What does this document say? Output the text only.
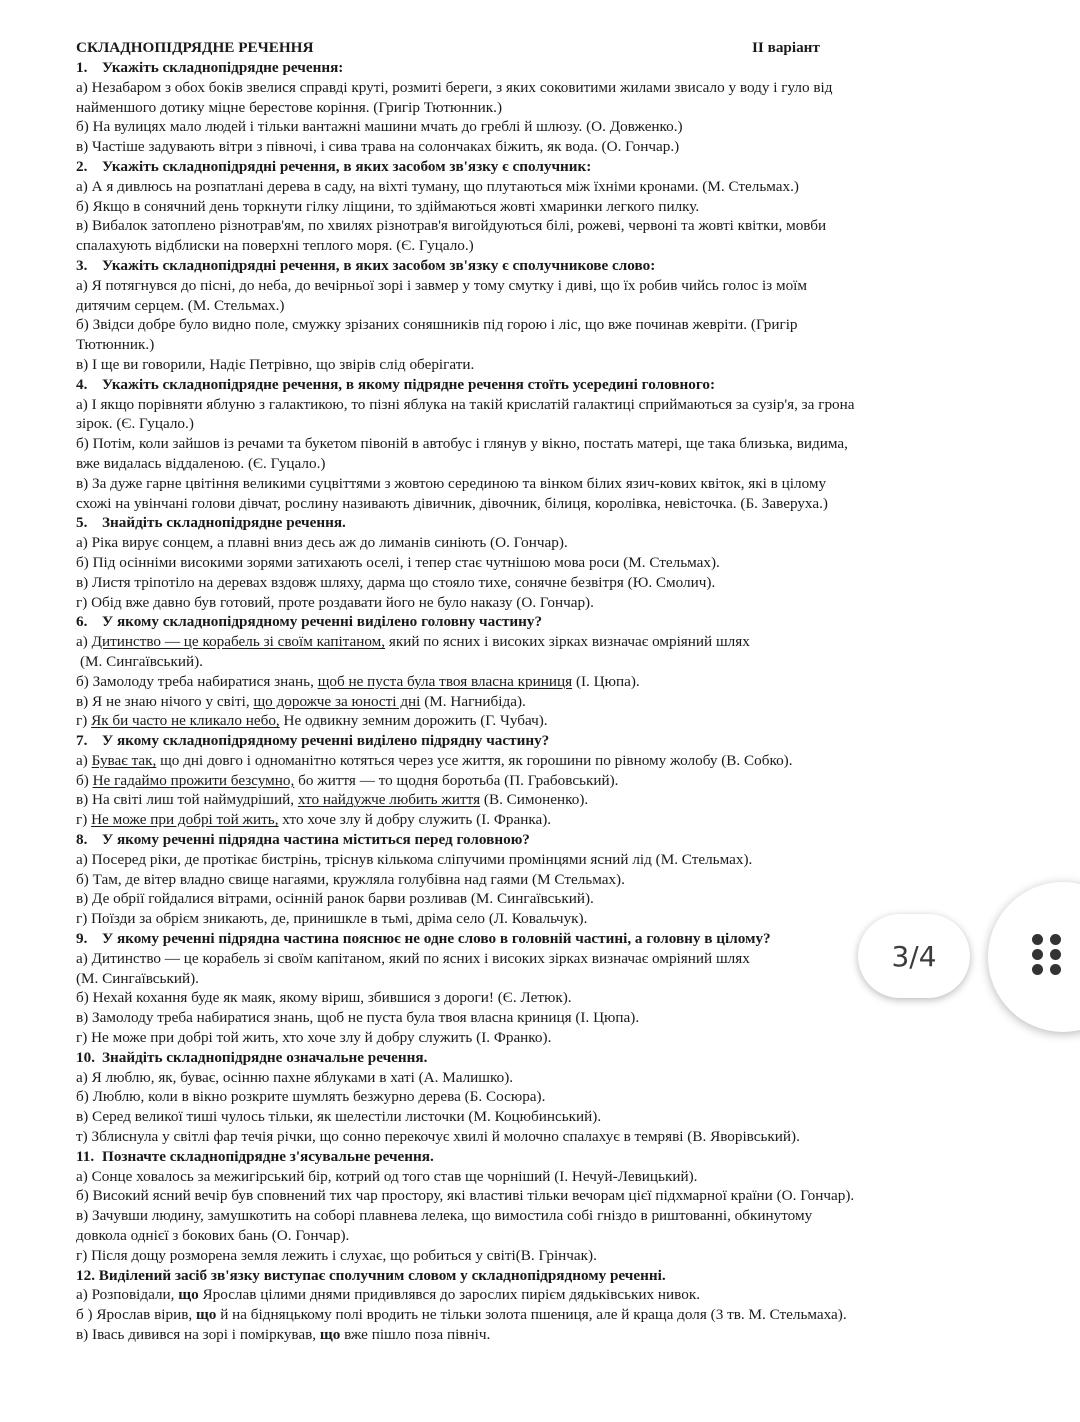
СКЛАДНОПІДРЯДНЕ РЕЧЕННЯ	ІІ варіант
1. Укажіть складнопідрядне речення:
а) Незабаром з обох боків звелися справді круті, розмиті береги, з яких соковитими жилами звисало у воду і гуло від
найменшого дотику міцне берестове коріння. (Григір Тютюнник.)
б) На вулицях мало людей і тільки вантажні машини мчать до греблі й шлюзу. (О. Довженко.)
в) Частіше задувають вітри з півночі, і сива трава на солончаках біжить, як вода. (О. Гончар.)
2. Укажіть складнопідрядні речення, в яких засобом зв'язку є сполучник:
а) А я дивлюсь на розпатлані дерева в саду, на віхті туману, що плутаються між їхніми кронами. (М. Стельмах.)
б) Якщо в сонячний день торкнути гілку ліщини, то здіймаються жовті хмаринки легкого пилку.
в) Вибалок затоплено різнотрав'ям, по хвилях різнотрав'я вигойдуються білі, рожеві, червоні та жовті квітки, мовби
спалахують відблиски на поверхні теплого моря. (Є. Гуцало.)
3. Укажіть складнопідрядні речення, в яких засобом зв'язку є сполучникове слово:
а) Я потягнувся до пісні, до неба, до вечірньої зорі і завмер у тому смутку і диві, що їх робив чийсь голос із моїм
дитячим серцем. (М. Стельмах.)
б) Звідси добре було видно поле, смужку зрізаних соняшників під горою і ліс, що вже починав жевріти. (Григір
Тютюнник.)
в) І ще ви говорили, Надіє Петрівно, що звірів слід оберігати.
4. Укажіть складнопідрядне речення, в якому підрядне речення стоїть усередині головного:
а) І якщо порівняти яблуню з галактикою, то пізні яблука на такій крислатій галактиці сприймаються за сузір'я, за грона
зірок. (Є. Гуцало.)
б) Потім, коли зайшов із речами та букетом півоній в автобус і глянув у вікно, постать матері, ще така близька, видима,
вже видалась віддаленою. (Є. Гуцало.)
в) За дуже гарне цвітіння великими суцвіттями з жовтою серединою та вінком білих язич-кових квіток, які в цілому
схожі на увінчані голови дівчат, рослину називають дівичник, дівочник, білиця, королівка, невісточка. (Б. Заверуха.)
5. Знайдіть складнопідрядне речення.
а) Ріка вирує сонцем, а плавні вниз десь аж до лиманів синіють (О. Гончар).
б) Під осінніми високими зорями затихають оселі, і тепер стає чутнішою мова роси (М. Стельмах).
в) Листя тріпотіло на деревах вздовж шляху, дарма що стояло тихе, сонячне безвітря (Ю. Смолич).
г) Обід вже давно був готовий, проте роздавати його не було наказу (О. Гончар).
6. У якому складнопідрядному реченні виділено головну частину?
а) Дитинство — це корабель зі своїм капітаном, який по ясних і високих зірках визначає омріяний шлях
(М. Сингаївський).
б) Замолоду треба набиратися знань, щоб не пуста була твоя власна криниця (І. Цюпа).
в) Я не знаю нічого у світі, що дорожче за юності дні (М. Нагнибіда).
г) Як би часто не кликало небо, Не одвикну земним дорожить (Г. Чубач).
7. У якому складнопідрядному реченні виділено підрядну частину?
а) Буває так, що дні довго і одноманітно котяться через усе життя, як горошини по рівному жолобу (В. Собко).
б) Не гадаймо прожити безсумно, бо життя — то щодня боротьба (П. Грабовський).
в) На світі лиш той наймудріший, хто найдужче любить життя (В. Симоненко).
г) Не може при добрі той жить, хто хоче злу й добру служить (І. Франка).
8. У якому реченні підрядна частина міститься перед головною?
а) Посеред ріки, де протікає бистрінь, тріснув кількома сліпучими промінцями ясний лід (М. Стельмах).
б) Там, де вітер владно свище нагаями, кружляла голубівна над гаями (М Стельмах).
в) Де обрії гойдалися вітрами, осінній ранок барви розливав (М. Сингаївський).
г) Поїзди за обрієм зникають, де, принишкле в тьмі, дріма село (Л. Ковальчук).
9. У якому реченні підрядна частина пояснює не одне слово в головній частині, а головну в цілому?
а) Дитинство — це корабель зі своїм капітаном, який по ясних і високих зірках визначає омріяний шлях
(М. Сингаївський).
б) Нехай кохання буде як маяк, якому віриш, збившися з дороги! (Є. Летюк).
в) Замолоду треба набиратися знань, щоб не пуста була твоя власна криниця (І. Цюпа).
г) Не може при добрі той жить, хто хоче злу й добру служить (І. Франко).
10. Знайдіть складнопідрядне означальне речення.
а) Я люблю, як, буває, осінню пахне яблуками в хаті (А. Малишко).
б) Люблю, коли в вікно розкрите шумлять безжурно дерева (Б. Сосюра).
в) Серед великої тиші чулось тільки, як шелестіли листочки (М. Коцюбинський).
т) Зблиснула у світлі фар течія річки, що сонно перекочує хвилі й молочно спалахує в темряві (В. Яворівський).
11. Позначте складнопідрядне з'ясувальне речення.
а) Сонце ховалось за межигірський бір, котрий од того став ще чорніший (І. Нечуй-Левицький).
б) Високий ясний вечір був сповнений тих чар простору, які властиві тільки вечорам цієї підхмарної країни (О. Гончар).
в) Зачувши людину, замушкотить на соборі плавнева лелека, що вимостила собі гніздо в риштованні, обкинутому
довкола однієї з бокових бань (О. Гончар).
г) Після дощу розморена земля лежить і слухає, що робиться у світі(В. Грінчак).
12. Виділений засіб зв'язку виступає сполучним словом у складнопідрядному реченні.
а) Розповідали, що Ярослав цілими днями придивлявся до зарослих пирієм дядьківських нивок.
б ) Ярослав вірив, що й на бідняцькому полі вродить не тільки золота пшениця, але й краща доля (3 тв. М. Стельмаха).
в) Івась дивився на зорі і поміркував, що вже пішло поза північ.
3/4
